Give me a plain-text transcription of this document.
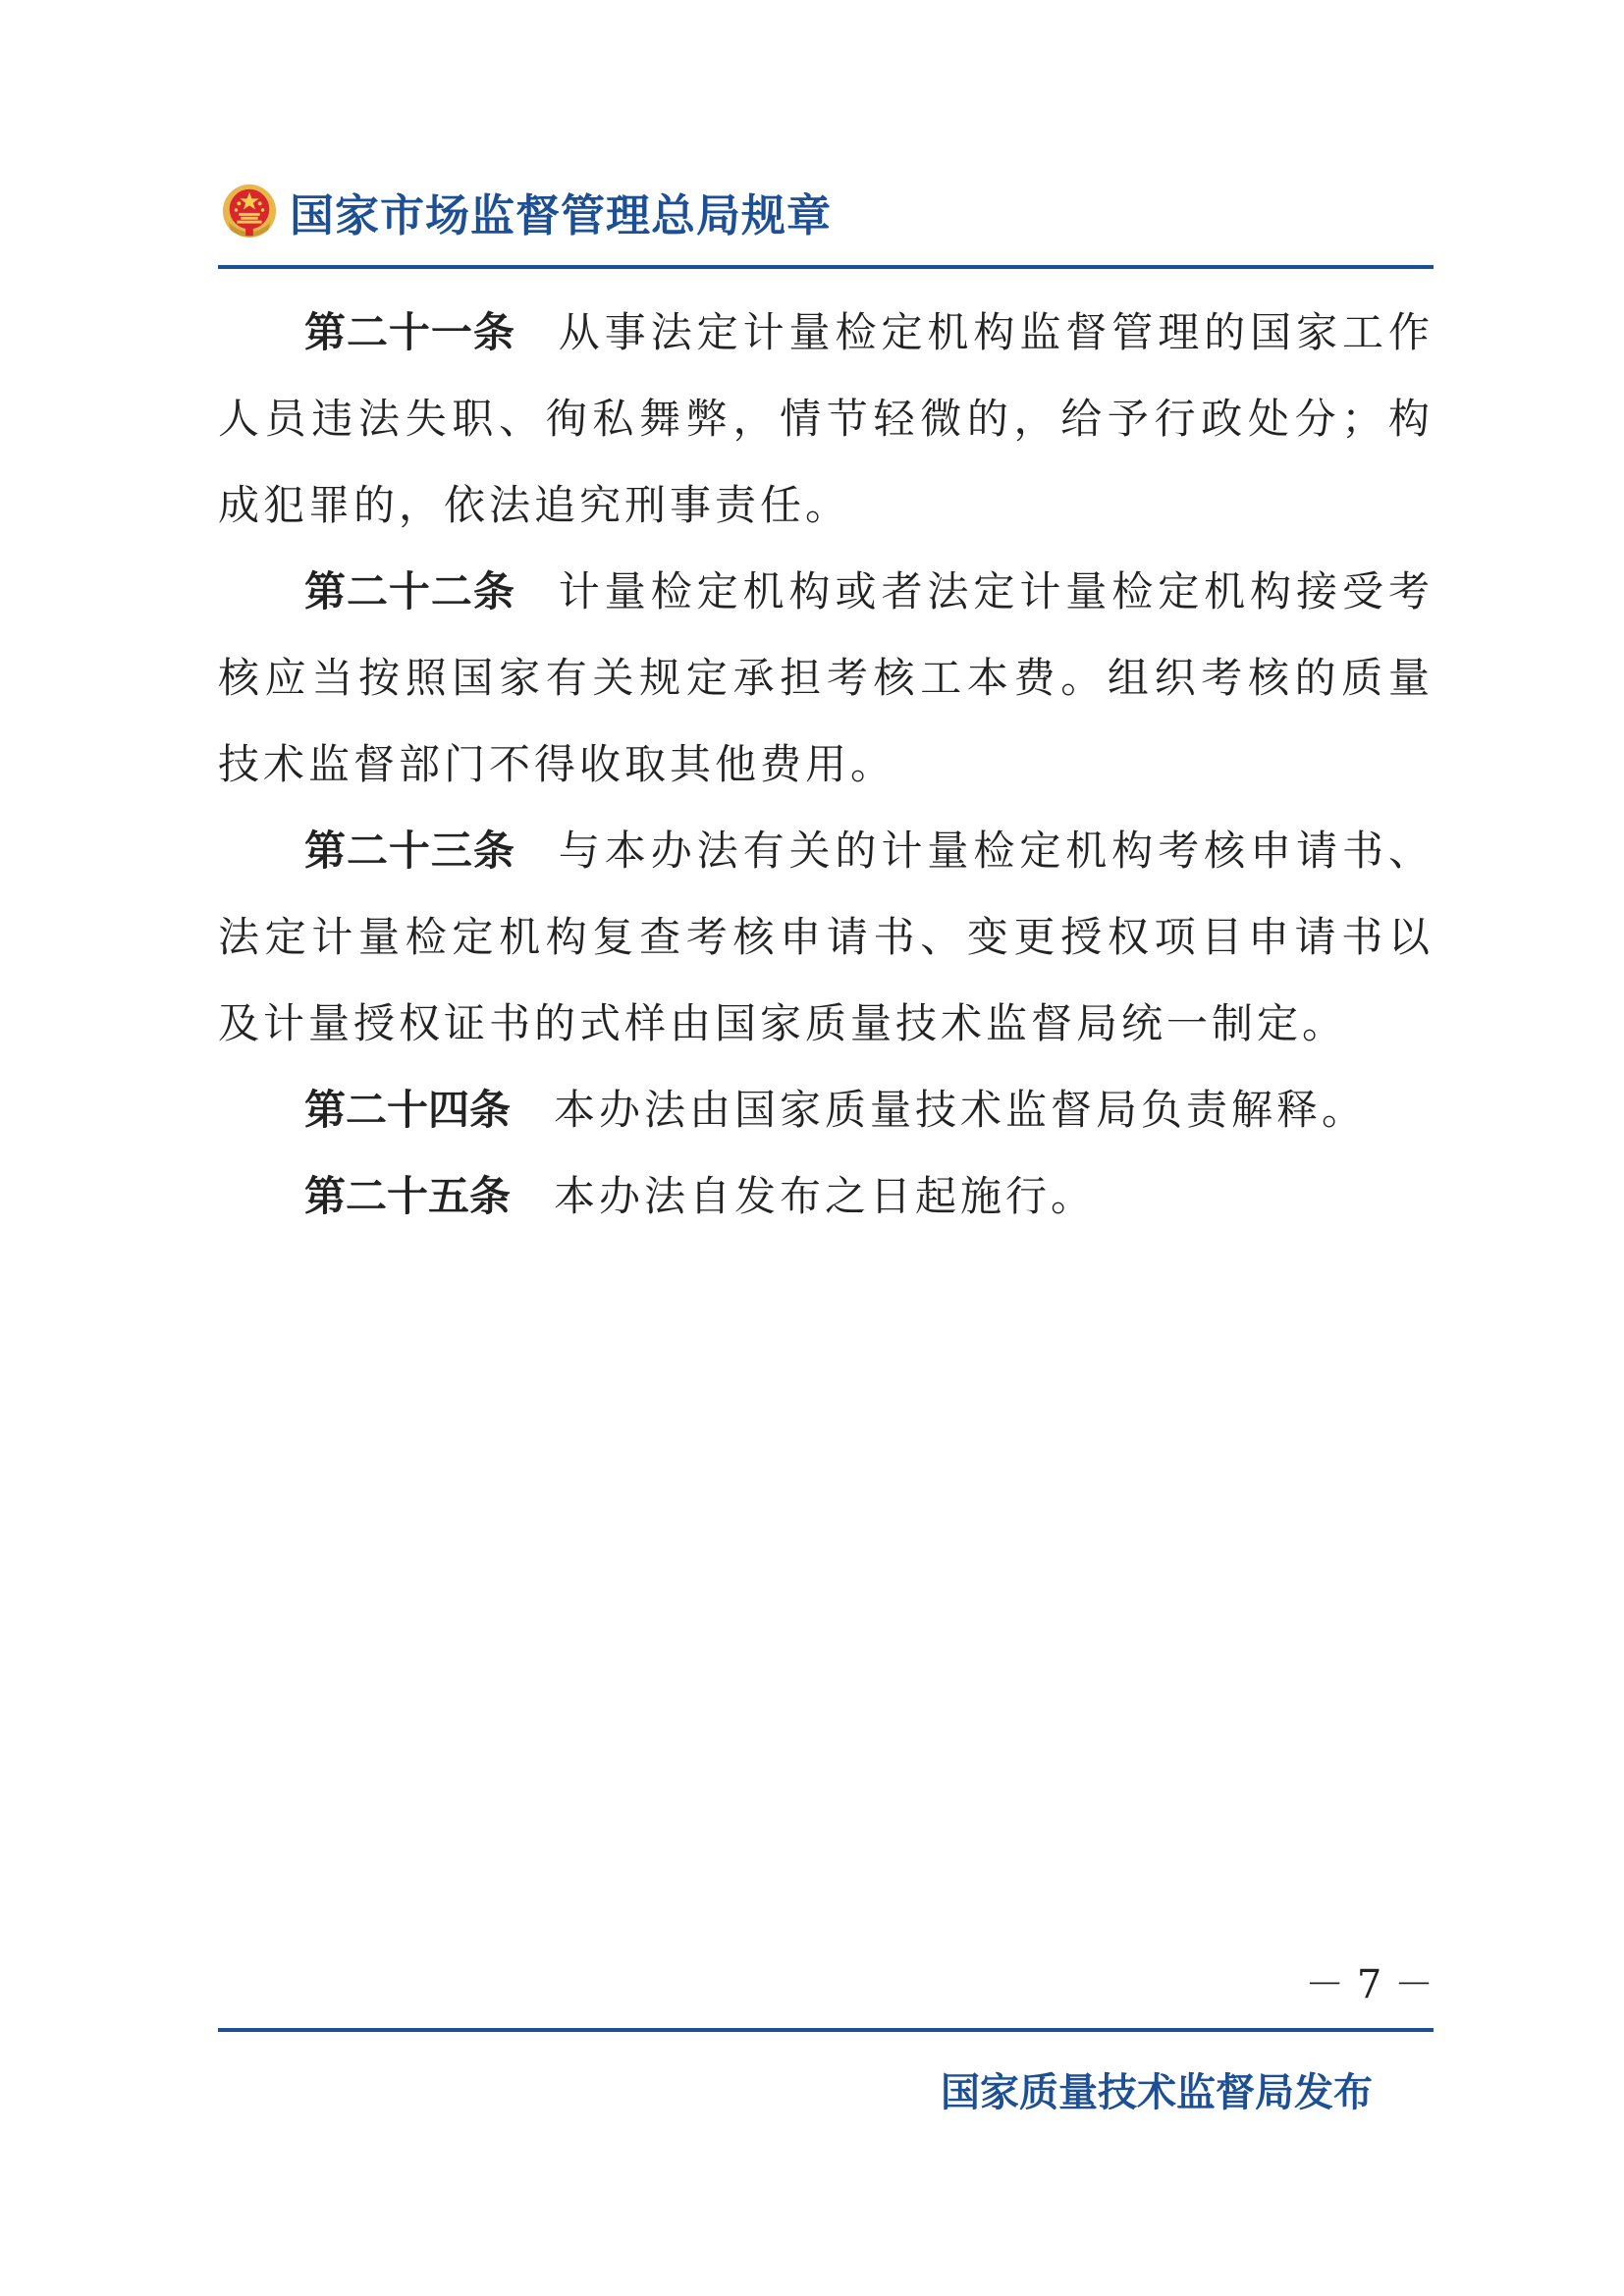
国家市场监督管理总局规章

第二十一条 从事法定计量检定机构监督管理的国家工作人员违法失职、徇私舞弊，情节轻微的，给予行政处分；构成犯罪的，依法追究刑事责任。

第二十二条 计量检定机构或者法定计量检定机构接受考核应当按照国家有关规定承担考核工本费。组织考核的质量技术监督部门不得收取其他费用。

第二十三条 与本办法有关的计量检定机构考核申请书、法定计量检定机构复查考核申请书、变更授权项目申请书以及计量授权证书的式样由国家质量技术监督局统一制定。

第二十四条 本办法由国家质量技术监督局负责解释。

第二十五条 本办法自发布之日起施行。

－ 7 －
国家质量技术监督局发布
